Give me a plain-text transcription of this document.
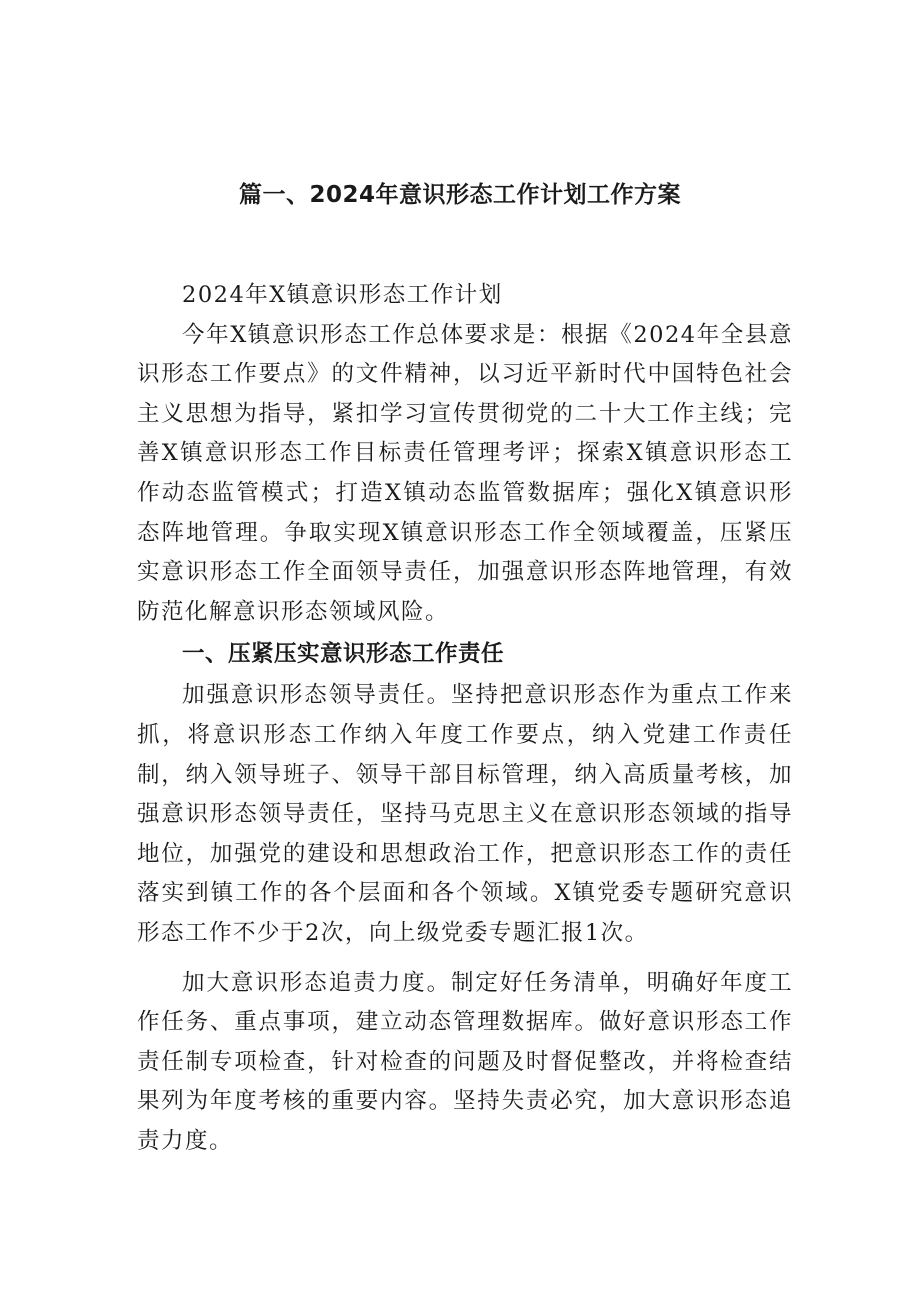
篇一、2024年意识形态工作计划工作方案

2024年X镇意识形态工作计划

今年X镇意识形态工作总体要求是：根据《2024年全县意识形态工作要点》的文件精神，以习近平新时代中国特色社会主义思想为指导，紧扣学习宣传贯彻党的二十大工作主线；完善X镇意识形态工作目标责任管理考评；探索X镇意识形态工作动态监管模式；打造X镇动态监管数据库；强化X镇意识形态阵地管理。争取实现X镇意识形态工作全领域覆盖，压紧压实意识形态工作全面领导责任，加强意识形态阵地管理，有效防范化解意识形态领域风险。

一、压紧压实意识形态工作责任

加强意识形态领导责任。坚持把意识形态作为重点工作来抓，将意识形态工作纳入年度工作要点，纳入党建工作责任制，纳入领导班子、领导干部目标管理，纳入高质量考核，加强意识形态领导责任，坚持马克思主义在意识形态领域的指导地位，加强党的建设和思想政治工作，把意识形态工作的责任落实到镇工作的各个层面和各个领域。X镇党委专题研究意识形态工作不少于2次，向上级党委专题汇报1次。

加大意识形态追责力度。制定好任务清单，明确好年度工作任务、重点事项，建立动态管理数据库。做好意识形态工作责任制专项检查，针对检查的问题及时督促整改，并将检查结果列为年度考核的重要内容。坚持失责必究，加大意识形态追责力度。
